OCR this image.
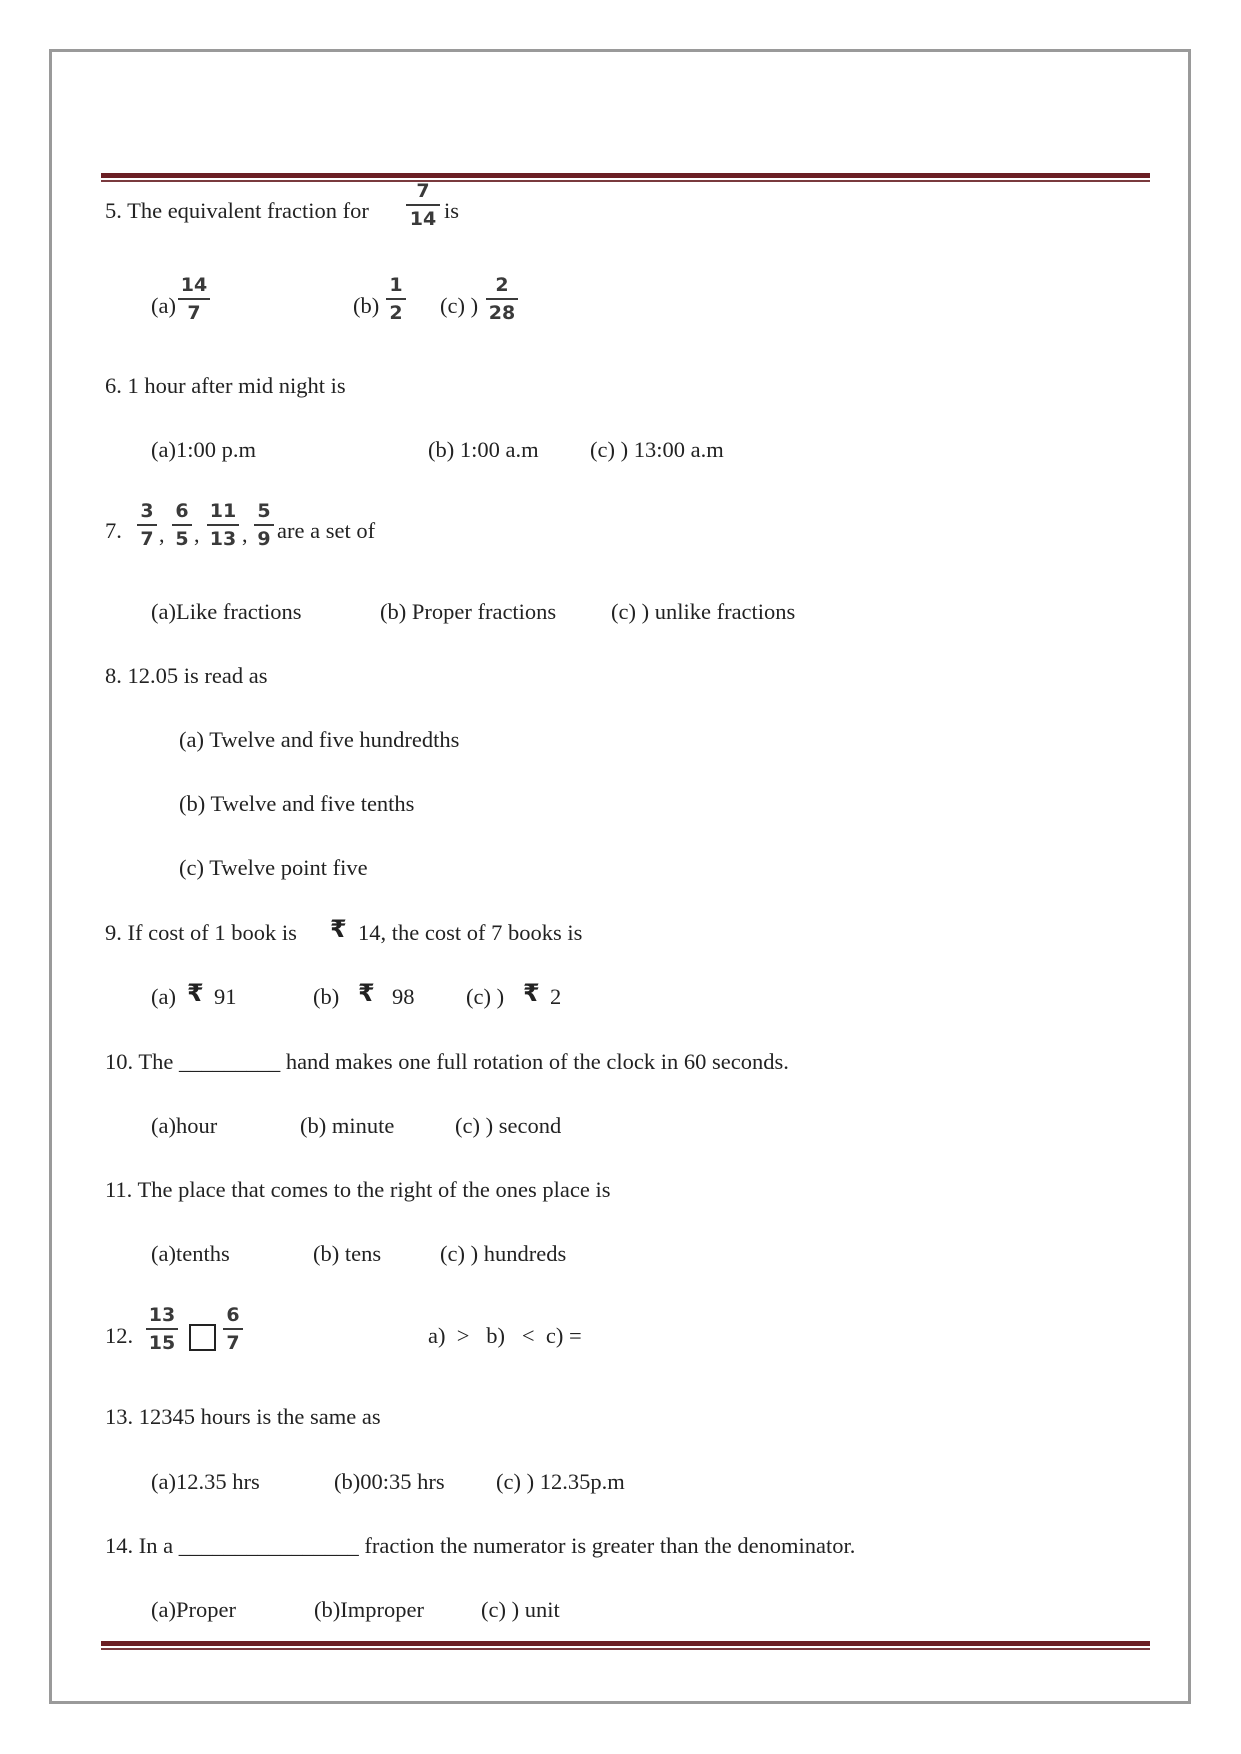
5. The equivalent fraction for
7
14 is
(a)
14
7	(b)
1
2 (c) )
2
28
6. 1 hour after mid night is
(a)1:00 p.m	(b) 1:00 a.m (c) ) 13:00 a.m
7.
3
7 ,
6
5 ,
11
13 ,
5
9 are a set of
(a)Like fractions	(b) Proper fractions (c) ) unlike fractions
8. 12.05 is read as
(a) Twelve and five hundredths
(b) Twelve and five tenths
(c) Twelve point five
9. If cost of 1 book is ₹ 14, the cost of 7 books is
(a) ₹ 91	(b) ₹ 98 (c) ) ₹ 2
10. The _________ hand makes one full rotation of the clock in 60 seconds.
(a)hour	(b) minute	(c) ) second
11. The place that comes to the right of the ones place is
(a)tenths	(b) tens	(c) ) hundreds
12.
13
15
6
7	a)  >   b)   <  c) =
13. 12345 hours is the same as
(a)12.35 hrs	(b)00:35 hrs (c) ) 12.35p.m
14. In a ________________ fraction the numerator is greater than the denominator.
(a)Proper	(b)Improper	(c) ) unit
